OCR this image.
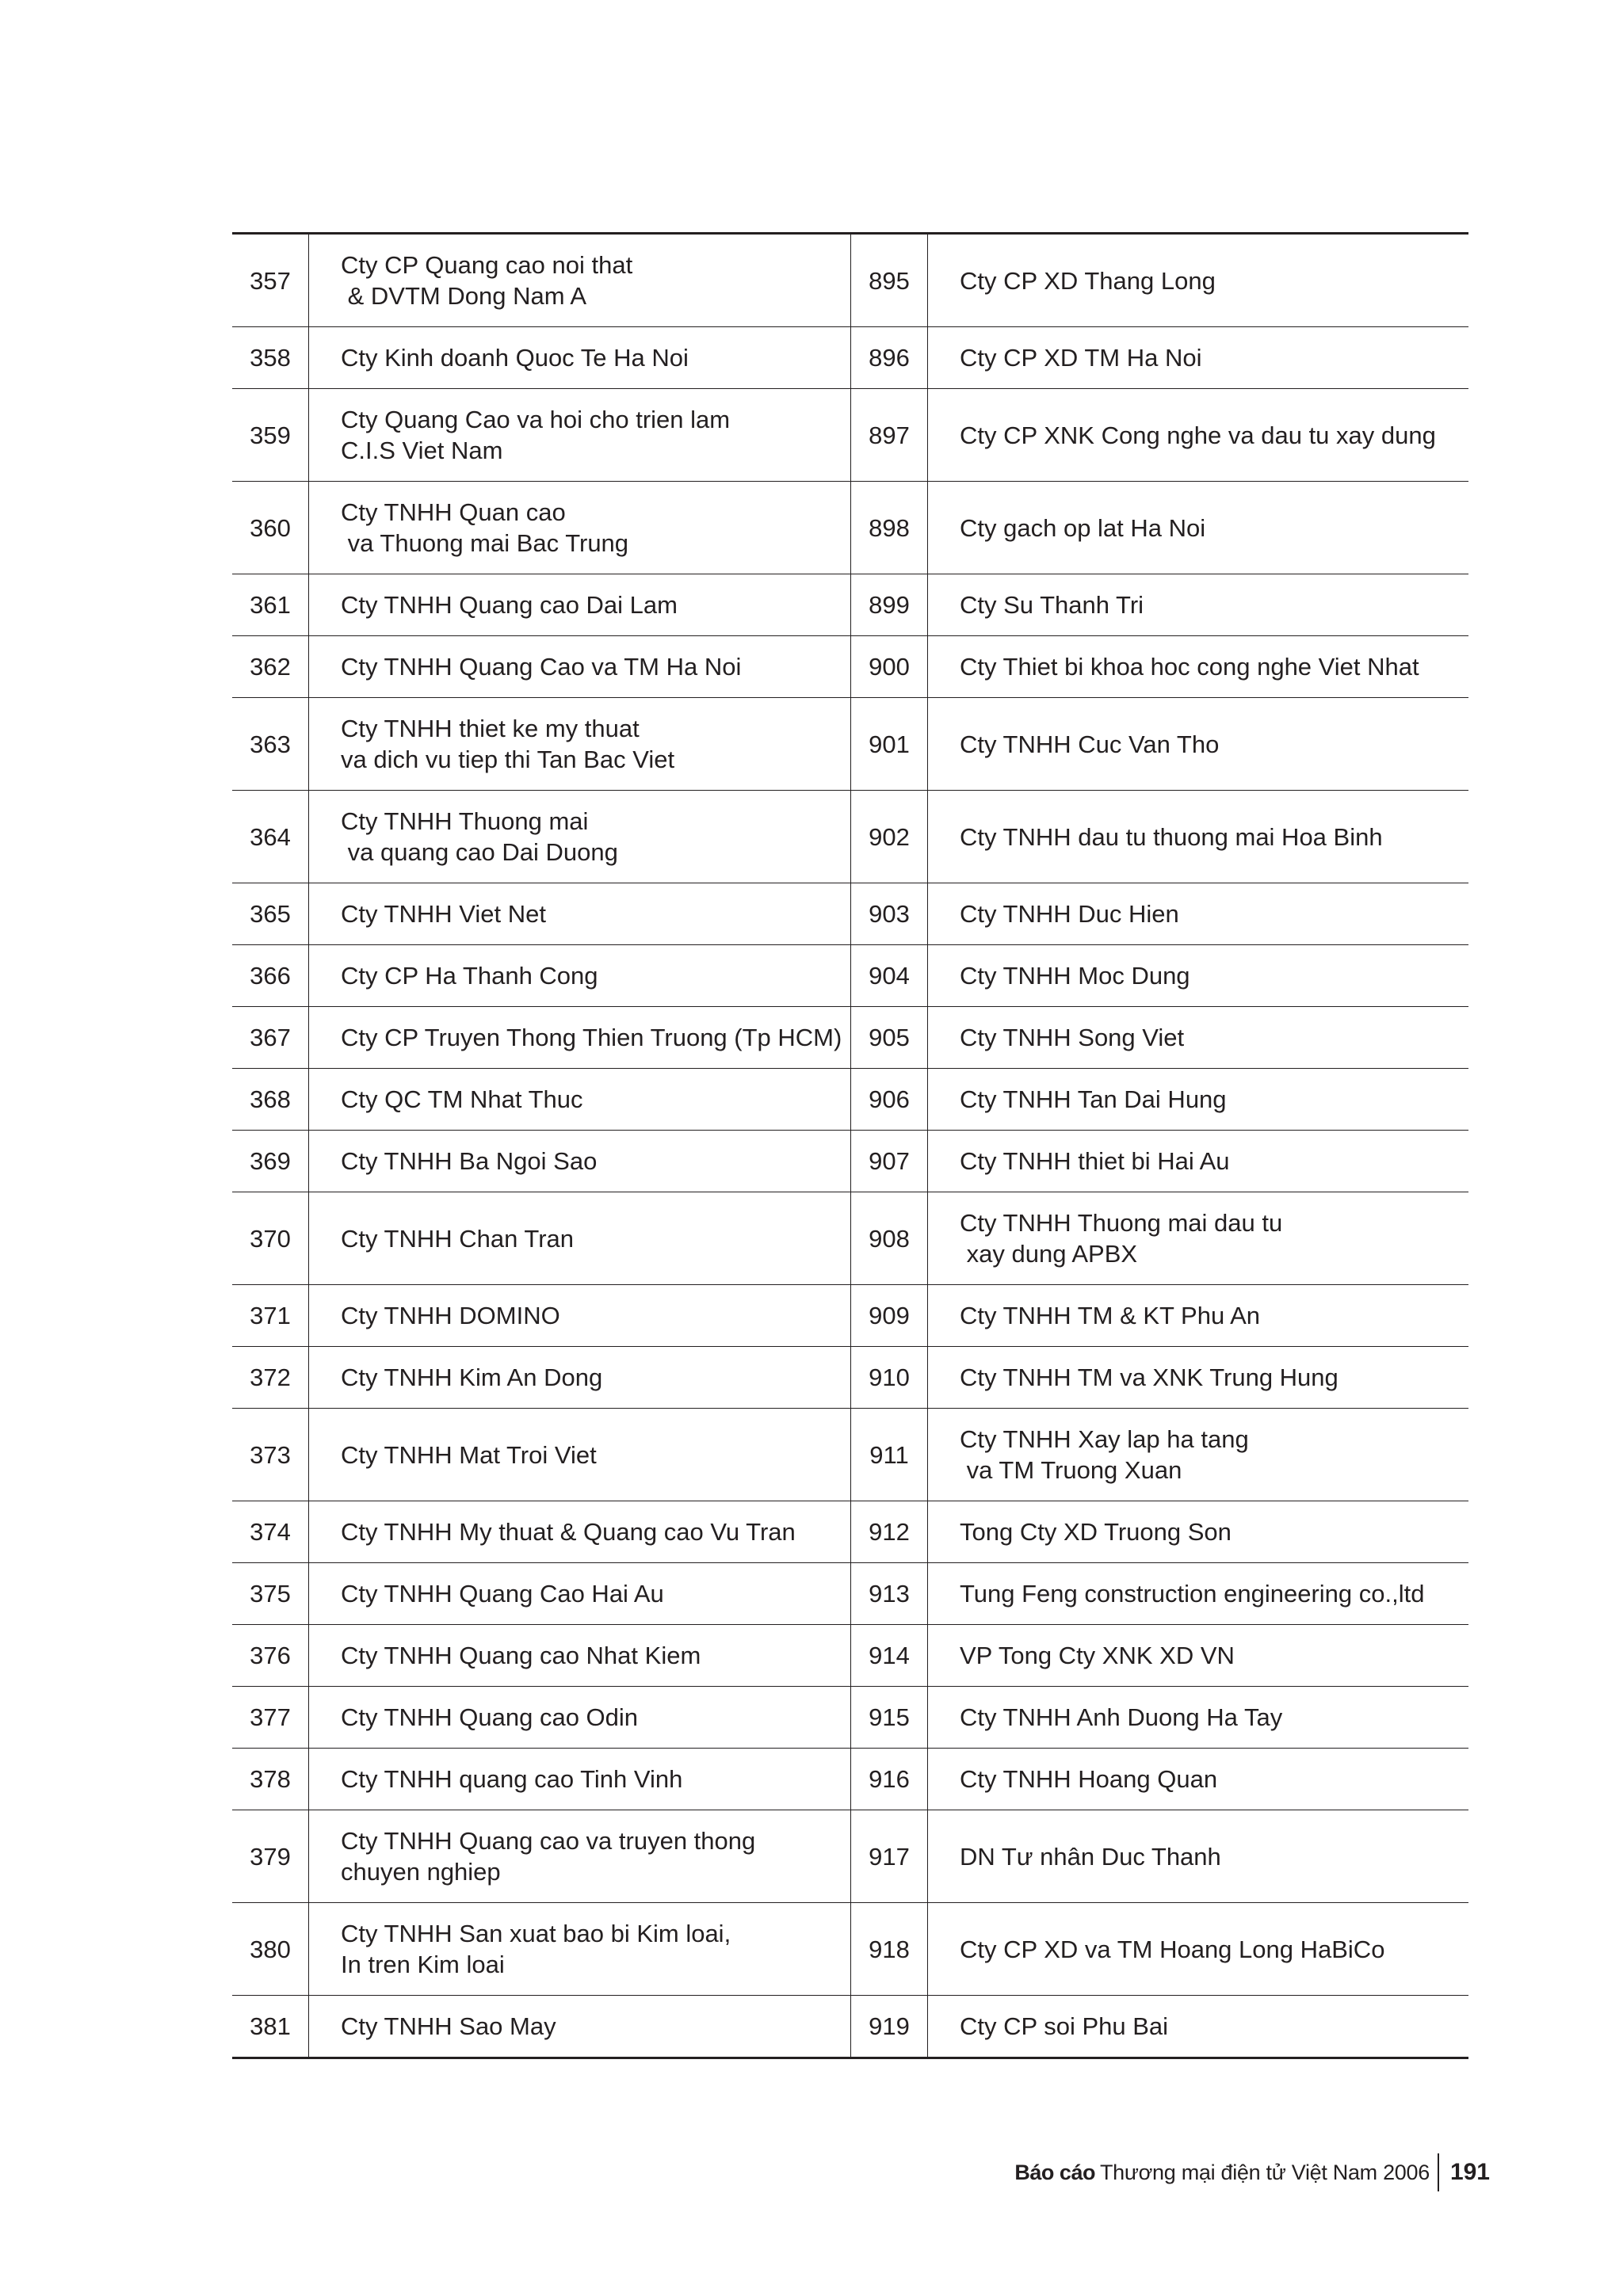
357	Cty CP Quang cao noi that
& DVTM Dong Nam A	895	Cty CP XD Thang Long
358	Cty Kinh doanh Quoc Te Ha Noi	896	Cty CP XD TM Ha Noi
359	Cty Quang Cao va hoi cho trien lam
C.I.S Viet Nam	897	Cty CP XNK Cong nghe va dau tu xay dung
360	Cty TNHH Quan cao
va Thuong mai Bac Trung	898	Cty gach op lat Ha Noi
361	Cty TNHH Quang cao Dai Lam	899	Cty Su Thanh Tri
362	Cty TNHH Quang Cao va TM Ha Noi	900	Cty Thiet bi khoa hoc cong nghe Viet Nhat
363	Cty TNHH thiet ke my thuat
va dich vu tiep thi Tan Bac Viet	901	Cty TNHH Cuc Van Tho
364	Cty TNHH Thuong mai
va quang cao Dai Duong	902	Cty TNHH dau tu thuong mai Hoa Binh
365	Cty TNHH Viet Net	903	Cty TNHH Duc Hien
366	Cty CP Ha Thanh Cong	904	Cty TNHH Moc Dung
367	Cty CP Truyen Thong Thien Truong (Tp HCM)	905	Cty TNHH Song Viet
368	Cty QC TM Nhat Thuc	906	Cty TNHH Tan Dai Hung
369	Cty TNHH Ba Ngoi Sao	907	Cty TNHH thiet bi Hai Au
370	Cty TNHH Chan Tran	908	Cty TNHH Thuong mai dau tu
xay dung APBX
371	Cty TNHH DOMINO	909	Cty TNHH TM & KT Phu An
372	Cty TNHH Kim An Dong	910	Cty TNHH TM va XNK Trung Hung
373	Cty TNHH Mat Troi Viet	911	Cty TNHH Xay lap ha tang
va TM Truong Xuan
374	Cty TNHH My thuat & Quang cao Vu Tran	912	Tong Cty XD Truong Son
375	Cty TNHH Quang Cao Hai Au	913	Tung Feng construction engineering co.,ltd
376	Cty TNHH Quang cao Nhat Kiem	914	VP Tong Cty XNK XD VN
377	Cty TNHH Quang cao Odin	915	Cty TNHH Anh Duong Ha Tay
378	Cty TNHH quang cao Tinh Vinh	916	Cty TNHH Hoang Quan
379	Cty TNHH Quang cao va truyen thong
chuyen nghiep	917	DN Tư nhân Duc Thanh
380	Cty TNHH San xuat bao bi Kim loai,
In tren Kim loai	918	Cty CP XD va TM Hoang Long HaBiCo
381	Cty TNHH Sao May	919	Cty CP soi Phu Bai
Báo cáo Thương mại điện tử Việt Nam 2006 191
